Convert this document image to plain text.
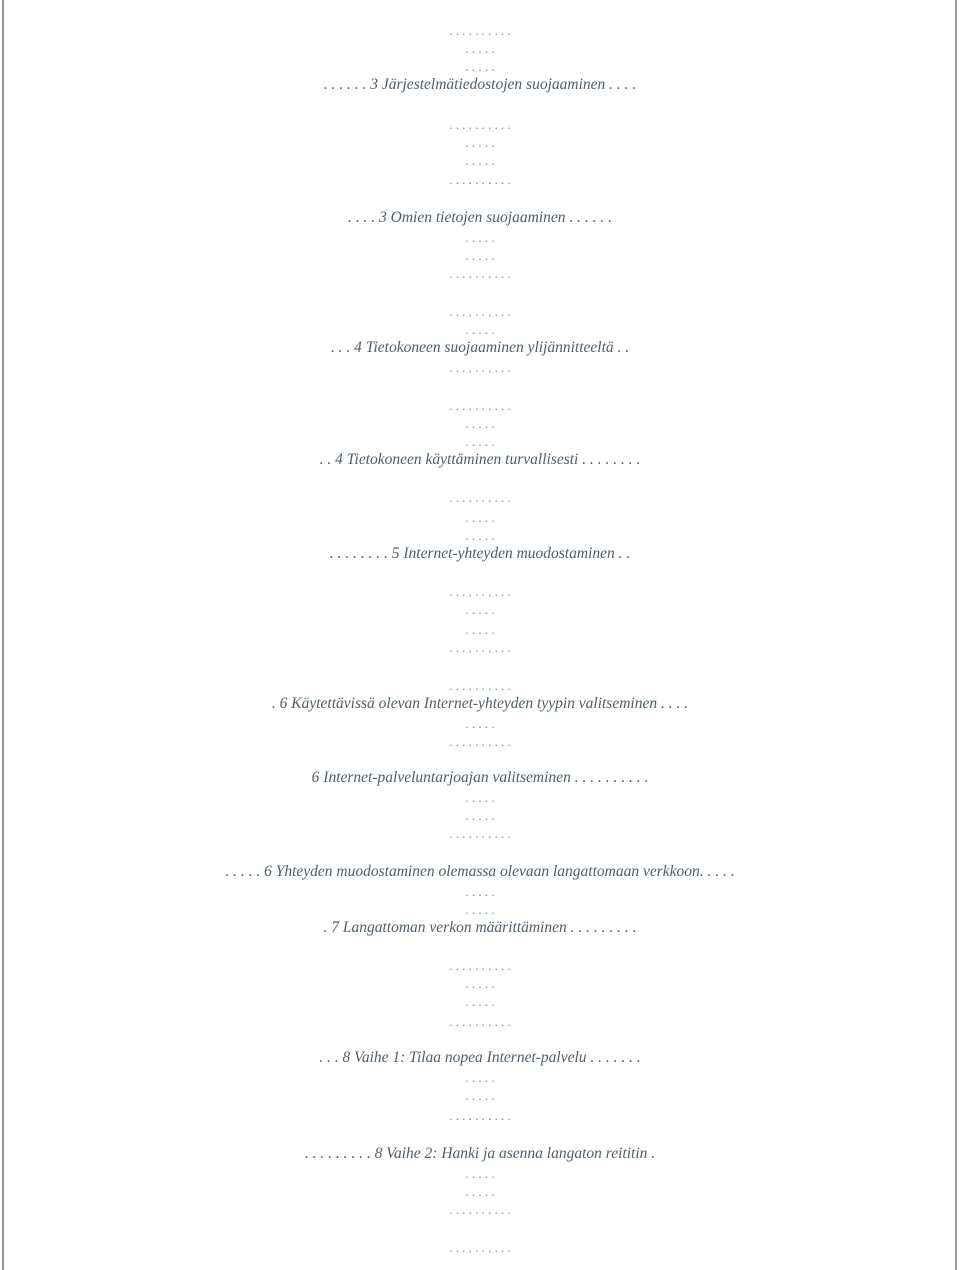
. . . . . . . . . .
. . . . .
. . . . .
. . . . . . 3 Järjestelmätiedostojen suojaaminen . . . .
. . . . . . . . . .
. . . . .
. . . . .
. . . . . . . . . .
. . . . 3 Omien tietojen suojaaminen . . . . . .
. . . . .
. . . . .
. . . . . . . . . .
. . . . . . . . . .
. . . . .
. . . 4 Tietokoneen suojaaminen ylijännitteeltä . .
. . . . . . . . . .
. . . . . . . . . .
. . . . .
. . . . .
. . 4 Tietokoneen käyttäminen turvallisesti . . . . . . . .
. . . . . . . . . .
. . . . .
. . . . .
. . . . . . . . 5 Internet-yhteyden muodostaminen . .
. . . . . . . . . .
. . . . .
. . . . .
. . . . . . . . . .
. . . . . . . . . .
. 6 Käytettävissä olevan Internet-yhteyden tyypin valitseminen . . . .
. . . . .
. . . . . . . . . .
6 Internet-palveluntarjoajan valitseminen . . . . . . . . . .
. . . . .
. . . . .
. . . . . . . . . .
. . . . . 6 Yhteyden muodostaminen olemassa olevaan langattomaan verkkoon. . . . .
. . . . .
. . . . .
. 7 Langattoman verkon määrittäminen . . . . . . . . .
. . . . . . . . . .
. . . . .
. . . . .
. . . . . . . . . .
. . . 8 Vaihe 1: Tilaa nopea Internet-palvelu . . . . . . .
. . . . .
. . . . .
. . . . . . . . . .
. . . . . . . . . 8 Vaihe 2: Hanki ja asenna langaton reititin .
. . . . .
. . . . .
. . . . . . . . . .
. . . . . . . . . .
